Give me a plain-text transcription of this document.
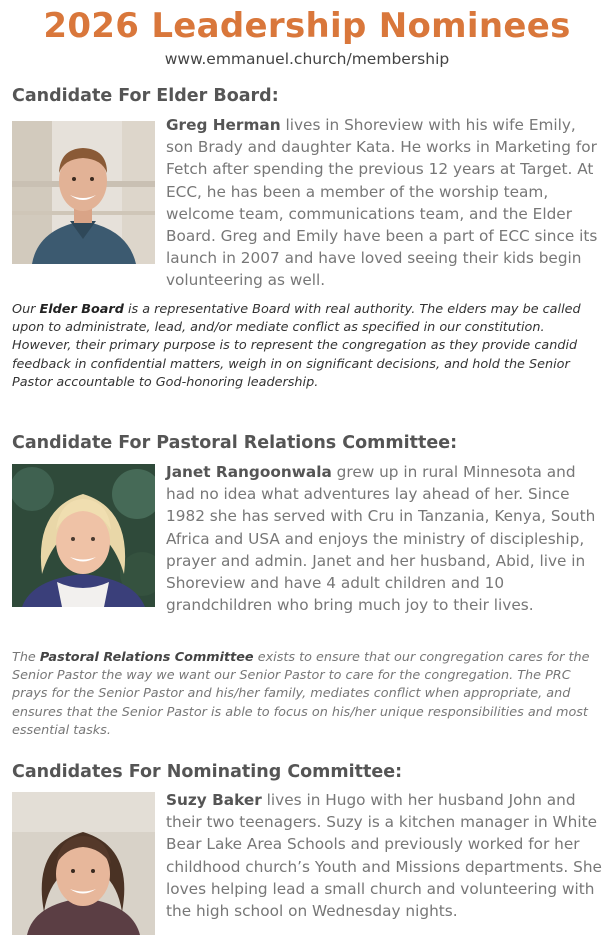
2026 Leadership Nominees
www.emmanuel.church/membership
Candidate For Elder Board:
Greg Herman lives in Shoreview with his wife Emily, son Brady and daughter Kata. He works in Marketing for Fetch after spending the previous 12 years at Target. At ECC, he has been a member of the worship team, welcome team, communications team, and the Elder Board. Greg and Emily have been a part of ECC since its launch in 2007 and have loved seeing their kids begin volunteering as well.
Our Elder Board is a representative Board with real authority. The elders may be called upon to administrate, lead, and/or mediate conflict as specified in our constitution. However, their primary purpose is to represent the congregation as they provide candid feedback in confidential matters, weigh in on significant decisions, and hold the Senior Pastor accountable to God-honoring leadership.
Candidate For Pastoral Relations Committee:
Janet Rangoonwala grew up in rural Minnesota and had no idea what adventures lay ahead of her. Since 1982 she has served with Cru in Tanzania, Kenya, South Africa and USA and enjoys the ministry of discipleship, prayer and admin. Janet and her husband, Abid, live in Shoreview and have 4 adult children and 10 grandchildren who bring much joy to their lives.
The Pastoral Relations Committee exists to ensure that our congregation cares for the Senior Pastor the way we want our Senior Pastor to care for the congregation. The PRC prays for the Senior Pastor and his/her family, mediates conflict when appropriate, and ensures that the Senior Pastor is able to focus on his/her unique responsibilities and most essential tasks.
Candidates For Nominating Committee:
Suzy Baker lives in Hugo with her husband John and their two teenagers. Suzy is a kitchen manager in White Bear Lake Area Schools and previously worked for her childhood church’s Youth and Missions departments. She loves helping lead a small church and volunteering with the high school on Wednesday nights.
